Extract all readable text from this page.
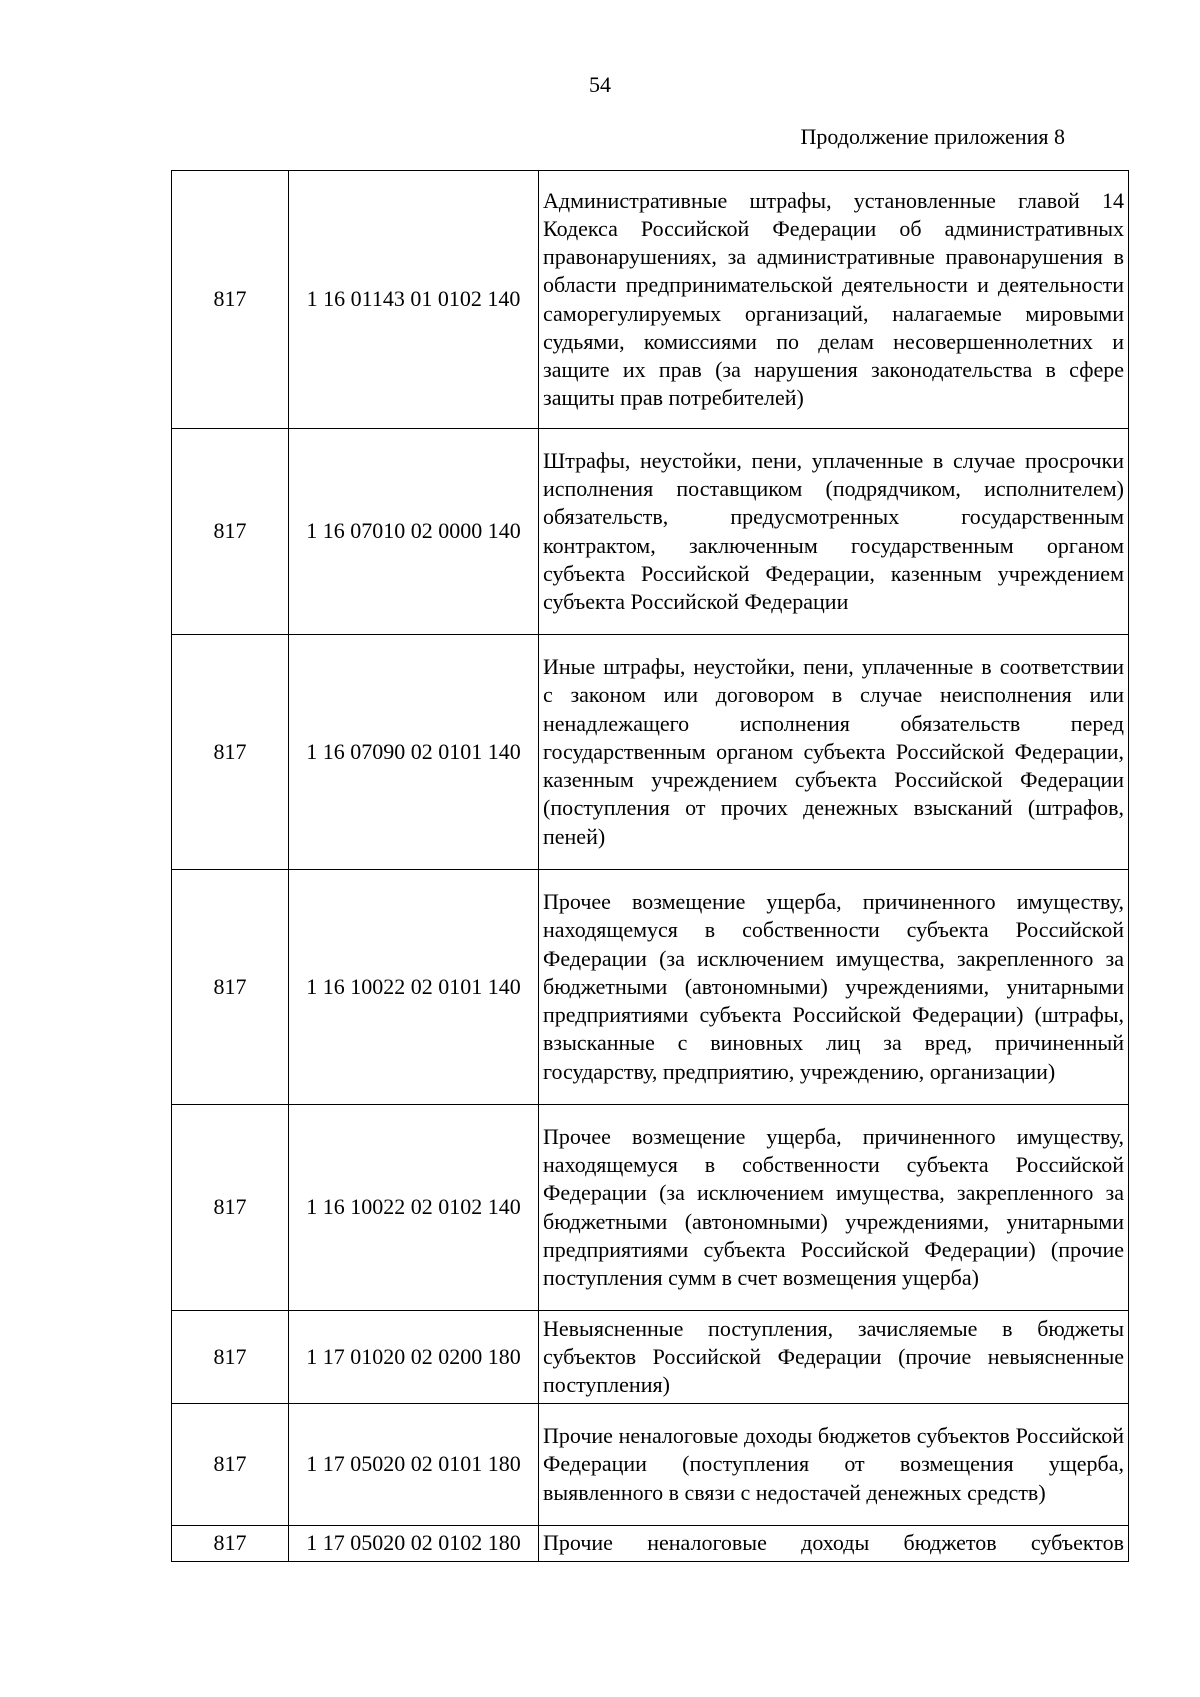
54
Продолжение приложения 8
817	1 16 01143 01 0102 140	Административные штрафы, установленные главой 14 Кодекса Российской Федерации об административных правонарушениях, за административные правонарушения в области предпринимательской деятельности и деятельности саморегулируемых организаций, налагаемые мировыми судьями, комиссиями по делам несовершеннолетних и защите их прав (за нарушения законодательства в сфере защиты прав потребителей)
817	1 16 07010 02 0000 140	Штрафы, неустойки, пени, уплаченные в случае просрочки исполнения поставщиком (подрядчиком, исполнителем) обязательств, предусмотренных государственным контрактом, заключенным государственным органом субъекта Российской Федерации, казенным учреждением субъекта Российской Федерации
817	1 16 07090 02 0101 140	Иные штрафы, неустойки, пени, уплаченные в соответствии с законом или договором в случае неисполнения или ненадлежащего исполнения обязательств перед государственным органом субъекта Российской Федерации, казенным учреждением субъекта Российской Федерации (поступления от прочих денежных взысканий (штрафов, пеней)
817	1 16 10022 02 0101 140	Прочее возмещение ущерба, причиненного имуществу, находящемуся в собственности субъекта Российской Федерации (за исключением имущества, закрепленного за бюджетными (автономными) учреждениями, унитарными предприятиями субъекта Российской Федерации) (штрафы, взысканные с виновных лиц за вред, причиненный государству, предприятию, учреждению, организации)
817	1 16 10022 02 0102 140	Прочее возмещение ущерба, причиненного имуществу, находящемуся в собственности субъекта Российской Федерации (за исключением имущества, закрепленного за бюджетными (автономными) учреждениями, унитарными предприятиями субъекта Российской Федерации) (прочие поступления сумм в счет возмещения ущерба)
817	1 17 01020 02 0200 180	Невыясненные поступления, зачисляемые в бюджеты субъектов Российской Федерации (прочие невыясненные поступления)
817	1 17 05020 02 0101 180	Прочие неналоговые доходы бюджетов субъектов Российской Федерации (поступления от возмещения ущерба, выявленного в связи с недостачей денежных средств)
817	1 17 05020 02 0102 180	Прочие неналоговые доходы бюджетов субъектов
